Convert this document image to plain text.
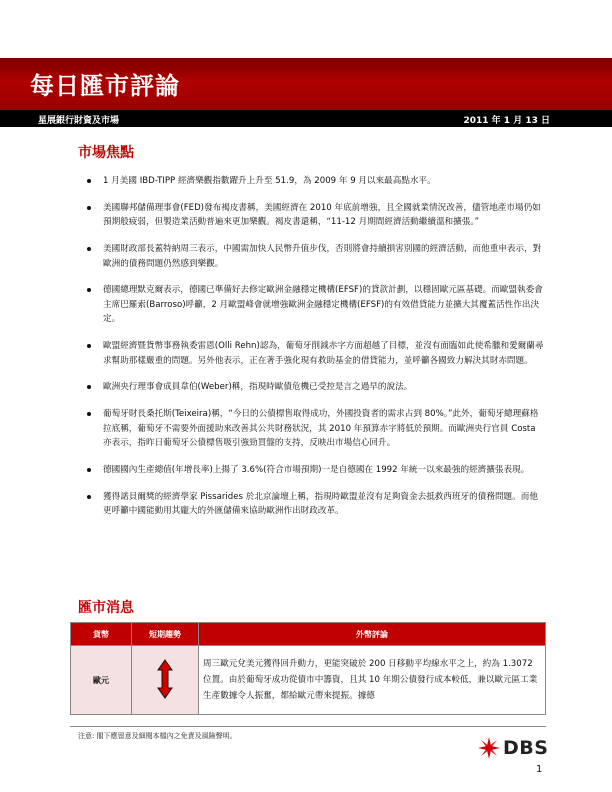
每日匯市評論
星展銀行財資及市場	2011 年 1 月 13 日
市場焦點
1 月美國 IBD-TIPP 經濟樂觀指數躍升上升至 51.9，為 2009 年 9 月以來最高點水平。
美國聯邦儲備理事會(FED)發布褐皮書稱，美國經濟在 2010 年底前增強，且全國就業情況改善，儘管地產市場仍如預期般疲弱，但製造業活動普遍來更加樂觀。褐皮書還稱，“11-12 月期間經濟活動繼續溫和擴張。”
美國財政部長蓋特納周三表示，中國需加快人民幣升值步伐，否則將會持續損害別國的經濟活動，而他重申表示，對歐洲的債務問題仍然感到樂觀。
德國總理默克爾表示，德國已準備好去修定歐洲金融穩定機構(EFSF)的貸款計劃，以穩固歐元區基礎。而歐盟執委會主席巴羅索(Barroso)呼籲，2 月歐盟峰會就增強歐洲金融穩定機構(EFSF)的有效借貸能力並擴大其覆蓋活性作出決定。
歐盟經濟暨貨幣事務執委雷恩(Olli Rehn)認為，葡萄牙削減赤字方面超越了目標，並沒有面臨如此使希臘和愛爾蘭尋求幫助那樣嚴重的問題。另外他表示，正在著手強化現有救助基金的借貸能力，並呼籲各國致力解決其財赤問題。
歐洲央行理事會成員韋伯(Weber)稱，指現時歐債危機已受控是言之過早的說法。
葡萄牙財長桑托斯(Teixeira)稱，“今日的公債標售取得成功，外國投資者的需求占到 80%。”此外，葡萄牙總理蘇格拉底稱，葡萄牙不需要外面援助來改善其公共財務狀況，其 2010 年預算赤字將低於預期。而歐洲央行官員 Costa 亦表示，指昨日葡萄牙公債標售吸引強勁買盤的支持，反映出市場信心回升。
德國國內生產總值(年增長率)上揚了 3.6%(符合市場預期)一是自德國在 1992 年統一以來最強的經濟擴張表現。
獲得諾貝爾獎的經濟學家 Pissarides 於北京論壇上稱，指現時歐盟並沒有足夠資金去抵救西班牙的債務問題。而他更呼籲中國能動用其龐大的外匯儲備來協助歐洲作出財政改革。
匯市消息
貨幣	短期趨勢	外幣評論
歐元		周三歐元兌美元獲得回升動力，更能突破於 200 日移動平均線水平之上，約為 1.3072 位置。由於葡萄牙成功從債市中籌資，且其 10 年期公債發行成本較低，兼以歐元區工業生產數據令人振奮，都給歐元帶來提振。據德
注意: 閣下應留意及細閱本檔內之免責及風險聲明。
DBS
1
